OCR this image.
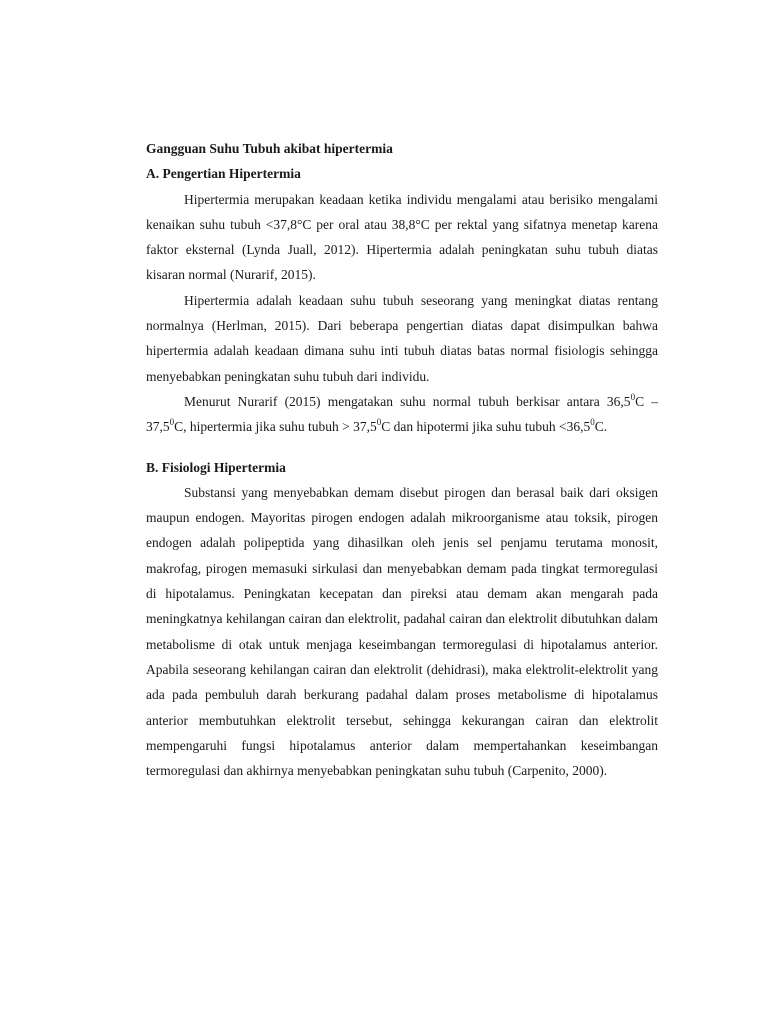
Gangguan Suhu Tubuh akibat hipertermia
A. Pengertian Hipertermia

Hipertermia merupakan keadaan ketika individu mengalami atau berisiko mengalami kenaikan suhu tubuh <37,8°C per oral atau 38,8°C per rektal yang sifatnya menetap karena faktor eksternal (Lynda Juall, 2012). Hipertermia adalah peningkatan suhu tubuh diatas kisaran normal (Nurarif, 2015).

Hipertermia adalah keadaan suhu tubuh seseorang yang meningkat diatas rentang normalnya (Herlman, 2015). Dari beberapa pengertian diatas dapat disimpulkan bahwa hipertermia adalah keadaan dimana suhu inti tubuh diatas batas normal fisiologis sehingga menyebabkan peningkatan suhu tubuh dari individu.

Menurut Nurarif (2015) mengatakan suhu normal tubuh berkisar antara 36,5$^0$C – 37,5$^0$C, hipertermia jika suhu tubuh > $37,5^0C$ dan hipotermi jika suhu tubuh $<36,5^0C$.

B. Fisiologi Hipertermia

Substansi yang menyebabkan demam disebut pirogen dan berasal baik dari oksigen maupun endogen. Mayoritas pirogen endogen adalah mikroorganisme atau toksik, pirogen endogen adalah polipeptida yang dihasilkan oleh jenis sel penjamu terutama monosit, makrofag, pirogen memasuki sirkulasi dan menyebabkan demam pada tingkat termoregulasi di hipotalamus. Peningkatan kecepatan dan pireksi atau demam akan mengarah pada meningkatnya kehilangan cairan dan elektrolit, padahal cairan dan elektrolit dibutuhkan dalam metabolisme di otak untuk menjaga keseimbangan termoregulasi di hipotalamus anterior. Apabila seseorang kehilangan cairan dan elektrolit (dehidrasi), maka elektrolit-elektrolit yang ada pada pembuluh darah berkurang padahal dalam proses metabolisme di hipotalamus anterior membutuhkan elektrolit tersebut, sehingga kekurangan cairan dan elektrolit mempengaruhi fungsi hipotalamus anterior dalam mempertahankan keseimbangan termoregulasi dan akhirnya menyebabkan peningkatan suhu tubuh (Carpenito, 2000).
